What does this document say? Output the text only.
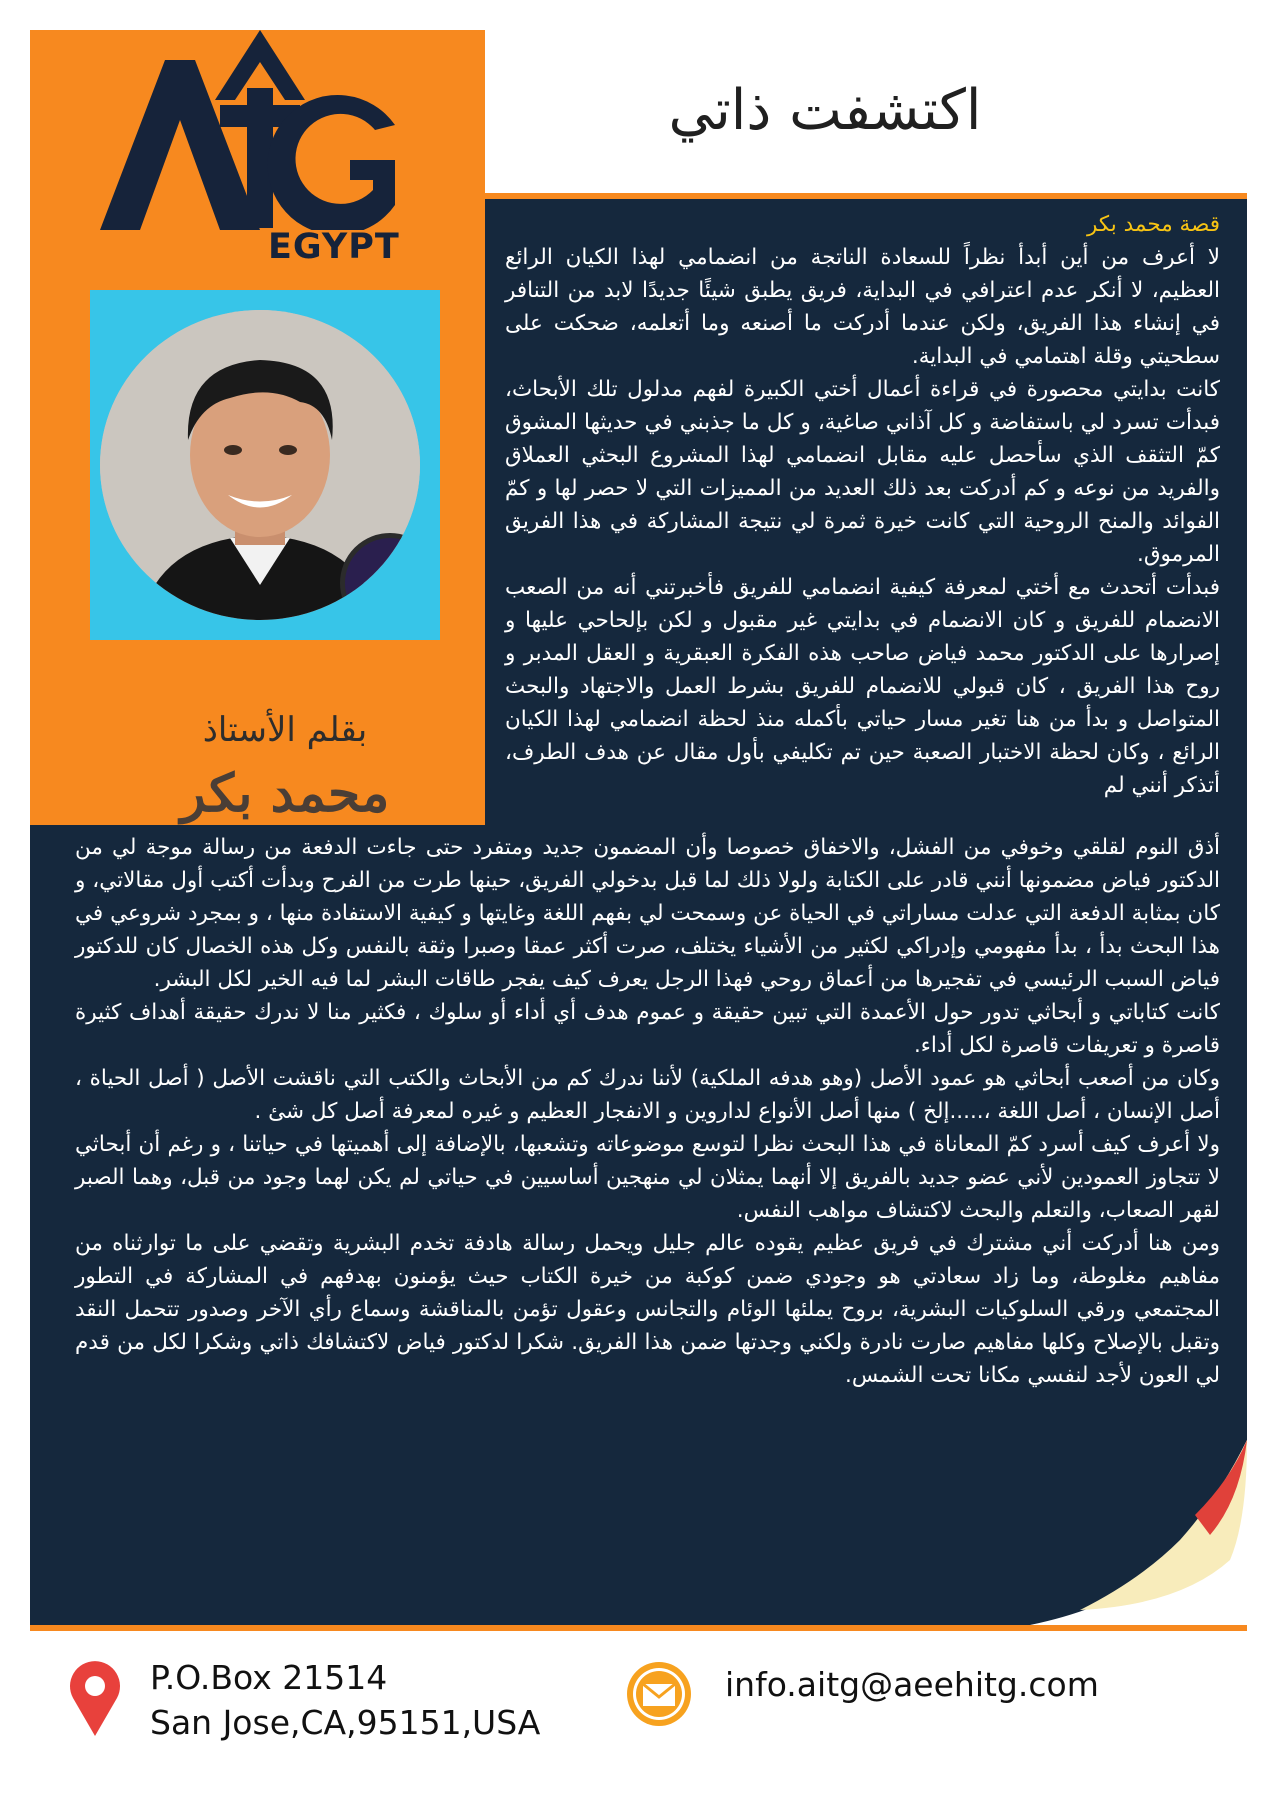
EGYPT
AITG
بقلم الأستاذ
محمد بكر
اكتشفت ذاتي

قصة محمد بكر

لا أعرف من أين أبدأ نظراً للسعادة الناتجة من انضمامي لهذا الكيان الرائع العظيم، لا أنكر عدم اعترافي في البداية، فريق يطبق شيئًا جديدًا لابد من التنافر في إنشاء هذا الفريق، ولكن عندما أدركت ما أصنعه وما أتعلمه، ضحكت على سطحيتي وقلة اهتمامي في البداية.

كانت بدايتي محصورة في قراءة أعمال أختي الكبيرة لفهم مدلول تلك الأبحاث، فبدأت تسرد لي باستفاضة و كل آذاني صاغية، و كل ما جذبني في حديثها المشوق كمّ التثقف الذي سأحصل عليه مقابل انضمامي لهذا المشروع البحثي العملاق والفريد من نوعه و كم أدركت بعد ذلك العديد من المميزات التي لا حصر لها و كمّ الفوائد والمنح الروحية التي كانت خيرة ثمرة لي نتيجة المشاركة في هذا الفريق المرموق.

فبدأت أتحدث مع أختي لمعرفة كيفية انضمامي للفريق فأخبرتني أنه من الصعب الانضمام للفريق و كان الانضمام في بدايتي غير مقبول و لكن بإلحاحي عليها و إصرارها على الدكتور محمد فياض صاحب هذه الفكرة العبقرية و العقل المدبر و روح هذا الفريق ، كان قبولي للانضمام للفريق بشرط العمل والاجتهاد والبحث المتواصل و بدأ من هنا تغير مسار حياتي بأكمله منذ لحظة انضمامي لهذا الكيان الرائع ، وكان لحظة الاختبار الصعبة حين تم تكليفي بأول مقال عن هدف الطرف، أتذكر أنني لم

أذق النوم لقلقي وخوفي من الفشل، والاخفاق خصوصا وأن المضمون جديد ومتفرد حتى جاءت الدفعة من رسالة موجة لي من الدكتور فياض مضمونها أنني قادر على الكتابة ولولا ذلك لما قبل بدخولي الفريق، حينها طرت من الفرح وبدأت أكتب أول مقالاتي، و كان بمثابة الدفعة التي عدلت مساراتي في الحياة عن وسمحت لي بفهم اللغة وغايتها و كيفية الاستفادة منها ، و بمجرد شروعي في هذا البحث بدأ ، بدأ مفهومي وإدراكي لكثير من الأشياء يختلف، صرت أكثر عمقا وصبرا وثقة بالنفس وكل هذه الخصال كان للدكتور فياض السبب الرئيسي في تفجيرها من أعماق روحي فهذا الرجل يعرف كيف يفجر طاقات البشر لما فيه الخير لكل البشر.

كانت كتاباتي و أبحاثي تدور حول الأعمدة التي تبين حقيقة و عموم هدف أي أداء أو سلوك ، فكثير منا لا ندرك حقيقة أهداف كثيرة قاصرة و تعريفات قاصرة لكل أداء.

وكان من أصعب أبحاثي هو عمود الأصل (وهو هدفه الملكية) لأننا ندرك كم من الأبحاث والكتب التي ناقشت الأصل ( أصل الحياة ، أصل الإنسان ، أصل اللغة ،.....إلخ ) منها أصل الأنواع لداروين و الانفجار العظيم و غيره لمعرفة أصل كل شئ .

ولا أعرف كيف أسرد كمّ المعاناة في هذا البحث نظرا لتوسع موضوعاته وتشعبها، بالإضافة إلى أهميتها في حياتنا ، و رغم أن أبحاثي لا تتجاوز العمودين لأني عضو جديد بالفريق إلا أنهما يمثلان لي منهجين أساسيين في حياتي لم يكن لهما وجود من قبل، وهما الصبر لقهر الصعاب، والتعلم والبحث لاكتشاف مواهب النفس.

ومن هنا أدركت أني مشترك في فريق عظيم يقوده عالم جليل ويحمل رسالة هادفة تخدم البشرية وتقضي على ما توارثناه من مفاهيم مغلوطة، وما زاد سعادتي هو وجودي ضمن كوكبة من خيرة الكتاب حيث يؤمنون بهدفهم في المشاركة في التطور المجتمعي ورقي السلوكيات البشرية، بروح يملئها الوئام والتجانس وعقول تؤمن بالمناقشة وسماع رأي الآخر وصدور تتحمل النقد وتقبل بالإصلاح وكلها مفاهيم صارت نادرة ولكني وجدتها ضمن هذا الفريق. شكرا لدكتور فياض لاكتشافك ذاتي وشكرا لكل من قدم لي العون لأجد لنفسي مكانا تحت الشمس.

P.O.Box 21514
San Jose,CA,95151,USA
info.aitg@aeehitg.com
